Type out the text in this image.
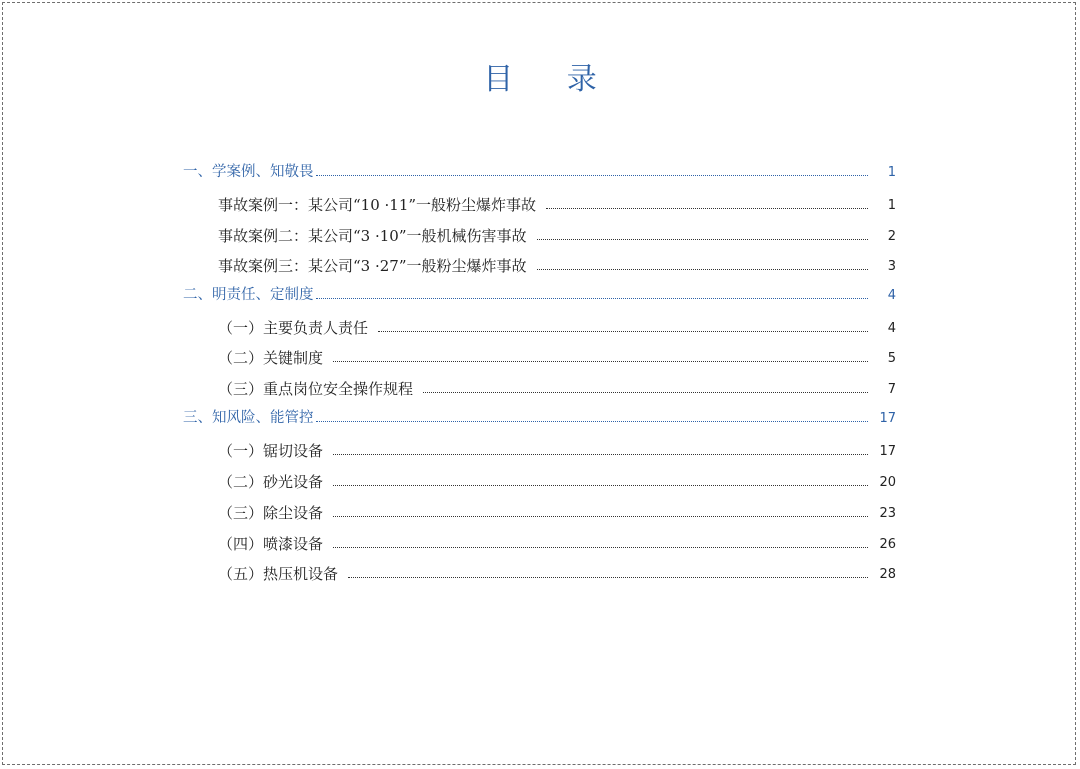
目 录
一、学案例、知敬畏	1
事故案例一：某公司“10 ·11”一般粉尘爆炸事故	1
事故案例二：某公司“3 ·10”一般机械伤害事故	2
事故案例三：某公司“3 ·27”一般粉尘爆炸事故	3
二、明责任、定制度	4
（一）主要负责人责任	4
（二）关键制度	5
（三）重点岗位安全操作规程	7
三、知风险、能管控	17
（一）锯切设备	17
（二）砂光设备	20
（三）除尘设备	23
（四）喷漆设备	26
（五）热压机设备	28
